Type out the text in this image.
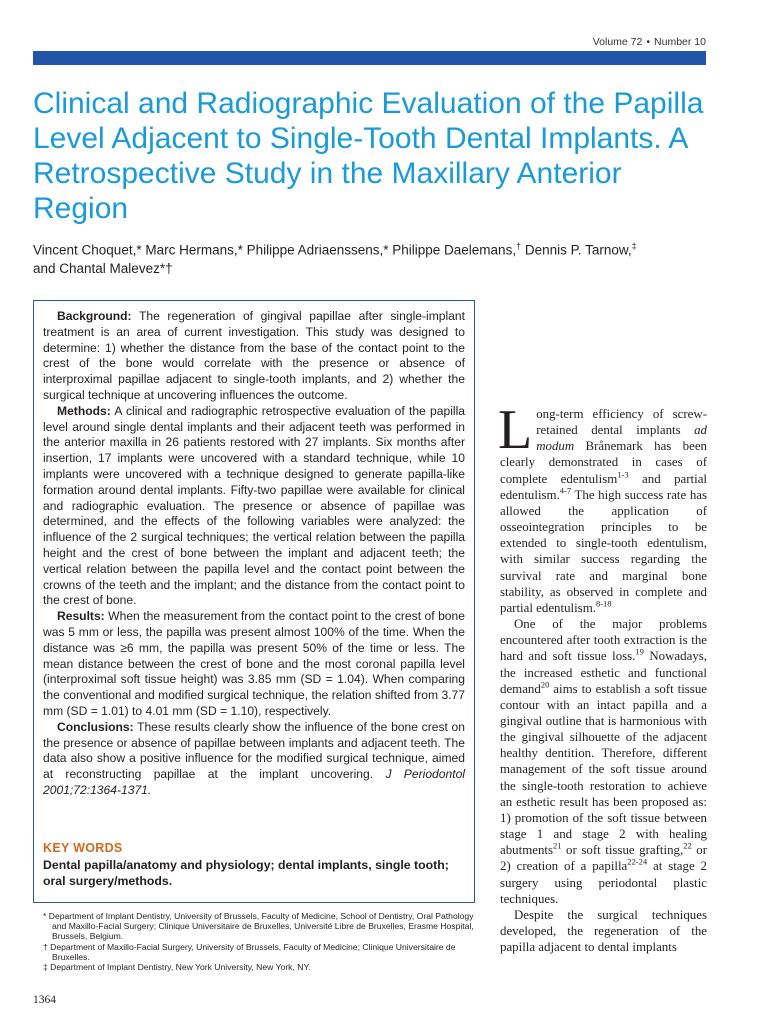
Volume 72 • Number 10
Clinical and Radiographic Evaluation of the Papilla Level Adjacent to Single-Tooth Dental Implants. A Retrospective Study in the Maxillary Anterior Region
Vincent Choquet,* Marc Hermans,* Philippe Adriaenssens,* Philippe Daelemans,† Dennis P. Tarnow,‡
and Chantal Malevez*†

Background: The regeneration of gingival papillae after single-implant treatment is an area of current investigation. This study was designed to determine: 1) whether the distance from the base of the contact point to the crest of the bone would correlate with the presence or absence of interproximal papillae adjacent to single-tooth implants, and 2) whether the surgical technique at uncovering influences the outcome.

Methods: A clinical and radiographic retrospective evaluation of the papilla level around single dental implants and their adjacent teeth was performed in the anterior maxilla in 26 patients restored with 27 implants. Six months after insertion, 17 implants were uncovered with a standard technique, while 10 implants were uncovered with a technique designed to generate papilla-like formation around dental implants. Fifty-two papillae were available for clinical and radiographic evaluation. The presence or absence of papillae was determined, and the effects of the following variables were analyzed: the influence of the 2 surgical techniques; the vertical relation between the papilla height and the crest of bone between the implant and adjacent teeth; the vertical relation between the papilla level and the contact point between the crowns of the teeth and the implant; and the distance from the contact point to the crest of bone.

Results: When the measurement from the contact point to the crest of bone was 5 mm or less, the papilla was present almost 100% of the time. When the distance was ≥6 mm, the papilla was present 50% of the time or less. The mean distance between the crest of bone and the most coronal papilla level (interproximal soft tissue height) was 3.85 mm (SD = 1.04). When comparing the conventional and modified surgical technique, the relation shifted from 3.77 mm (SD = 1.01) to 4.01 mm (SD = 1.10), respectively.

Conclusions: These results clearly show the influence of the bone crest on the presence or absence of papillae between implants and adjacent teeth. The data also show a positive influence for the modified surgical technique, aimed at reconstructing papillae at the implant uncovering. J Periodontol 2001;72:1364-1371.

KEY WORDS
Dental papilla/anatomy and physiology; dental implants, single tooth; oral surgery/methods.
* Department of Implant Dentistry, University of Brussels, Faculty of Medicine, School of Dentistry, Oral Pathology and Maxillo-Facial Surgery; Clinique Universitaire de Bruxelles, Université Libre de Bruxelles, Erasme Hospital, Brussels, Belgium.
† Department of Maxillo-Facial Surgery, University of Brussels, Faculty of Medicine; Clinique Universitaire de Bruxelles.
‡ Department of Implant Dentistry, New York University, New York, NY.
1364

Long-term efficiency of screw-retained dental implants ad modum Brånemark has been clearly demonstrated in cases of complete edentulism$^{1-3}$ and partial edentulism.$^{4-7}$ The high success rate has allowed the application of osseointegration principles to be extended to single-tooth edentulism, with similar success regarding the survival rate and marginal bone stability, as observed in complete and partial edentulism.$^{8-18}$

One of the major problems encountered after tooth extraction is the hard and soft tissue loss.$^{19}$ Nowadays, the increased esthetic and functional demand$^{20}$ aims to establish a soft tissue contour with an intact papilla and a gingival outline that is harmonious with the gingival silhouette of the adjacent healthy dentition. Therefore, different management of the soft tissue around the single-tooth restoration to achieve an esthetic result has been proposed as: 1) promotion of the soft tissue between stage 1 and stage 2 with healing abutments$^{21}$ or soft tissue grafting,$^{22}$ or 2) creation of a papilla$^{22-24}$ at stage 2 surgery using periodontal plastic techniques.

Despite the surgical techniques developed, the regeneration of the papilla adjacent to dental implants
